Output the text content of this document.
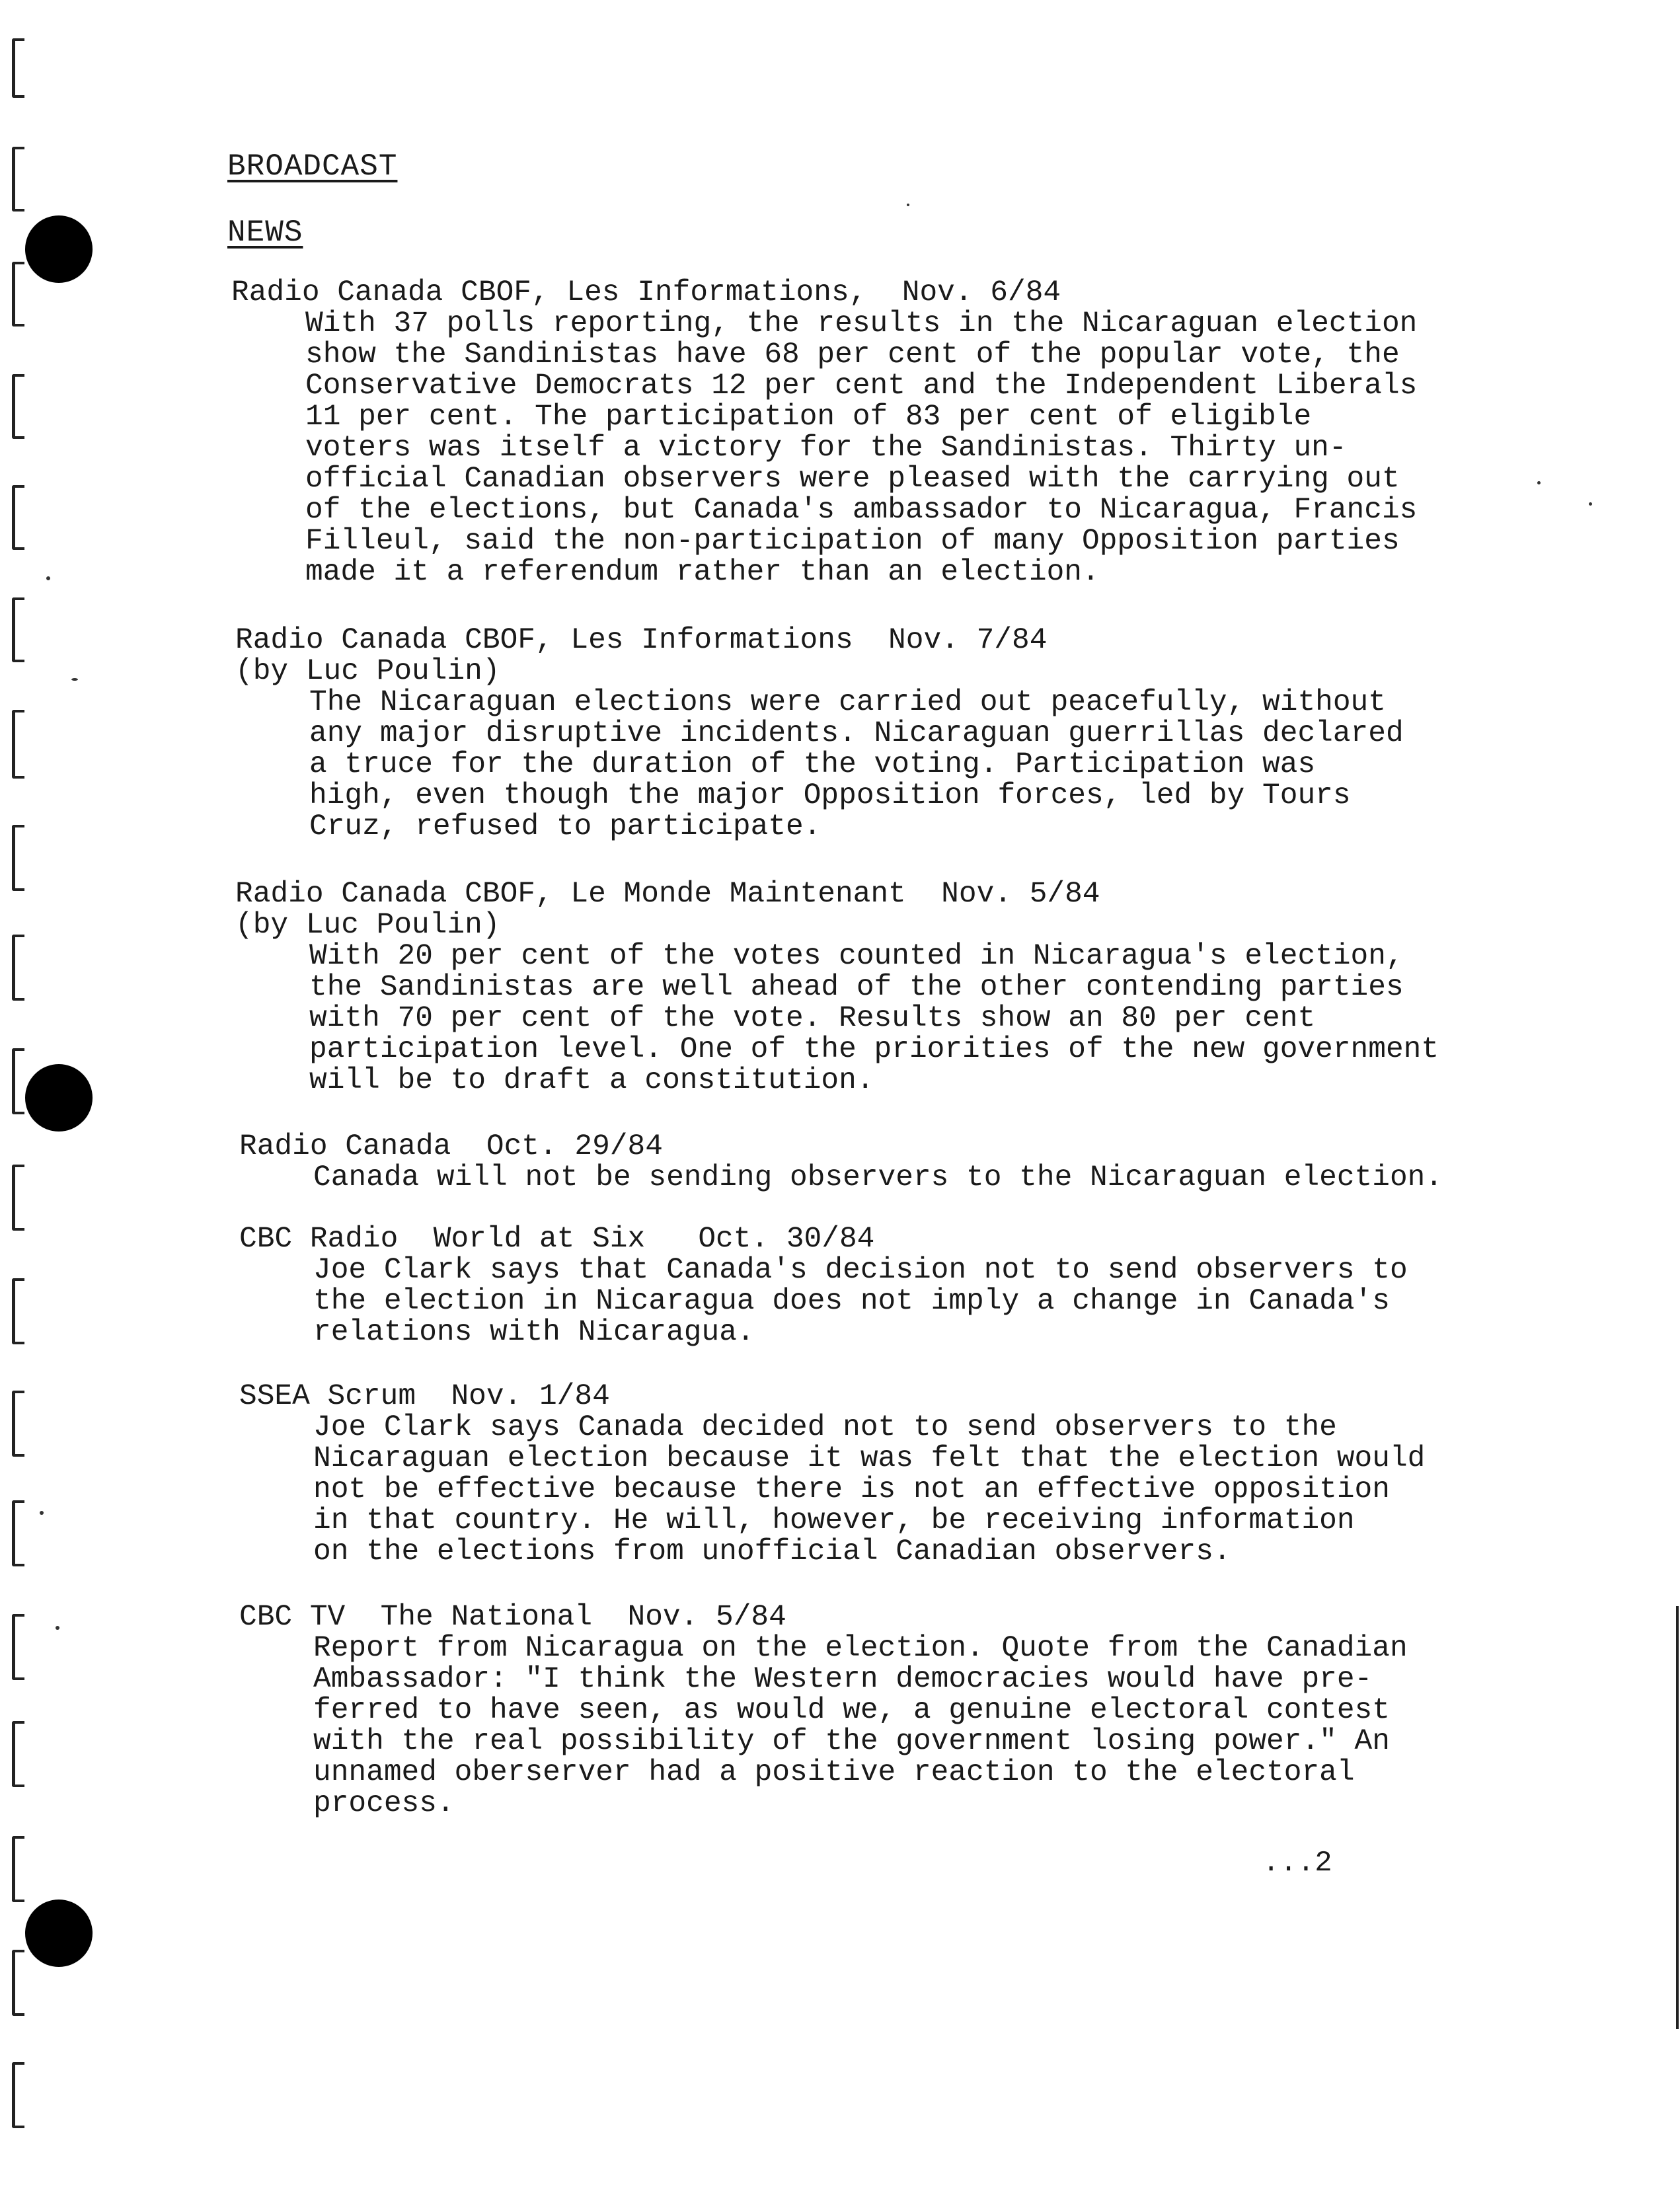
BROADCAST
NEWS
Radio Canada CBOF, Les Informations,  Nov. 6/84
With 37 polls reporting, the results in the Nicaraguan election
show the Sandinistas have 68 per cent of the popular vote, the
Conservative Democrats 12 per cent and the Independent Liberals
11 per cent. The participation of 83 per cent of eligible
voters was itself a victory for the Sandinistas. Thirty un-
official Canadian observers were pleased with the carrying out
of the elections, but Canada's ambassador to Nicaragua, Francis
Filleul, said the non-participation of many Opposition parties
made it a referendum rather than an election.
Radio Canada CBOF, Les Informations  Nov. 7/84
(by Luc Poulin)
The Nicaraguan elections were carried out peacefully, without
any major disruptive incidents. Nicaraguan guerrillas declared
a truce for the duration of the voting. Participation was
high, even though the major Opposition forces, led by Tours
Cruz, refused to participate.
Radio Canada CBOF, Le Monde Maintenant  Nov. 5/84
(by Luc Poulin)
With 20 per cent of the votes counted in Nicaragua's election,
the Sandinistas are well ahead of the other contending parties
with 70 per cent of the vote. Results show an 80 per cent
participation level. One of the priorities of the new government
will be to draft a constitution.
Radio Canada  Oct. 29/84
Canada will not be sending observers to the Nicaraguan election.
CBC Radio  World at Six   Oct. 30/84
Joe Clark says that Canada's decision not to send observers to
the election in Nicaragua does not imply a change in Canada's
relations with Nicaragua.
SSEA Scrum  Nov. 1/84
Joe Clark says Canada decided not to send observers to the
Nicaraguan election because it was felt that the election would
not be effective because there is not an effective opposition
in that country. He will, however, be receiving information
on the elections from unofficial Canadian observers.
CBC TV  The National  Nov. 5/84
Report from Nicaragua on the election. Quote from the Canadian
Ambassador: "I think the Western democracies would have pre-
ferred to have seen, as would we, a genuine electoral contest
with the real possibility of the government losing power." An
unnamed oberserver had a positive reaction to the electoral
process.
...2
